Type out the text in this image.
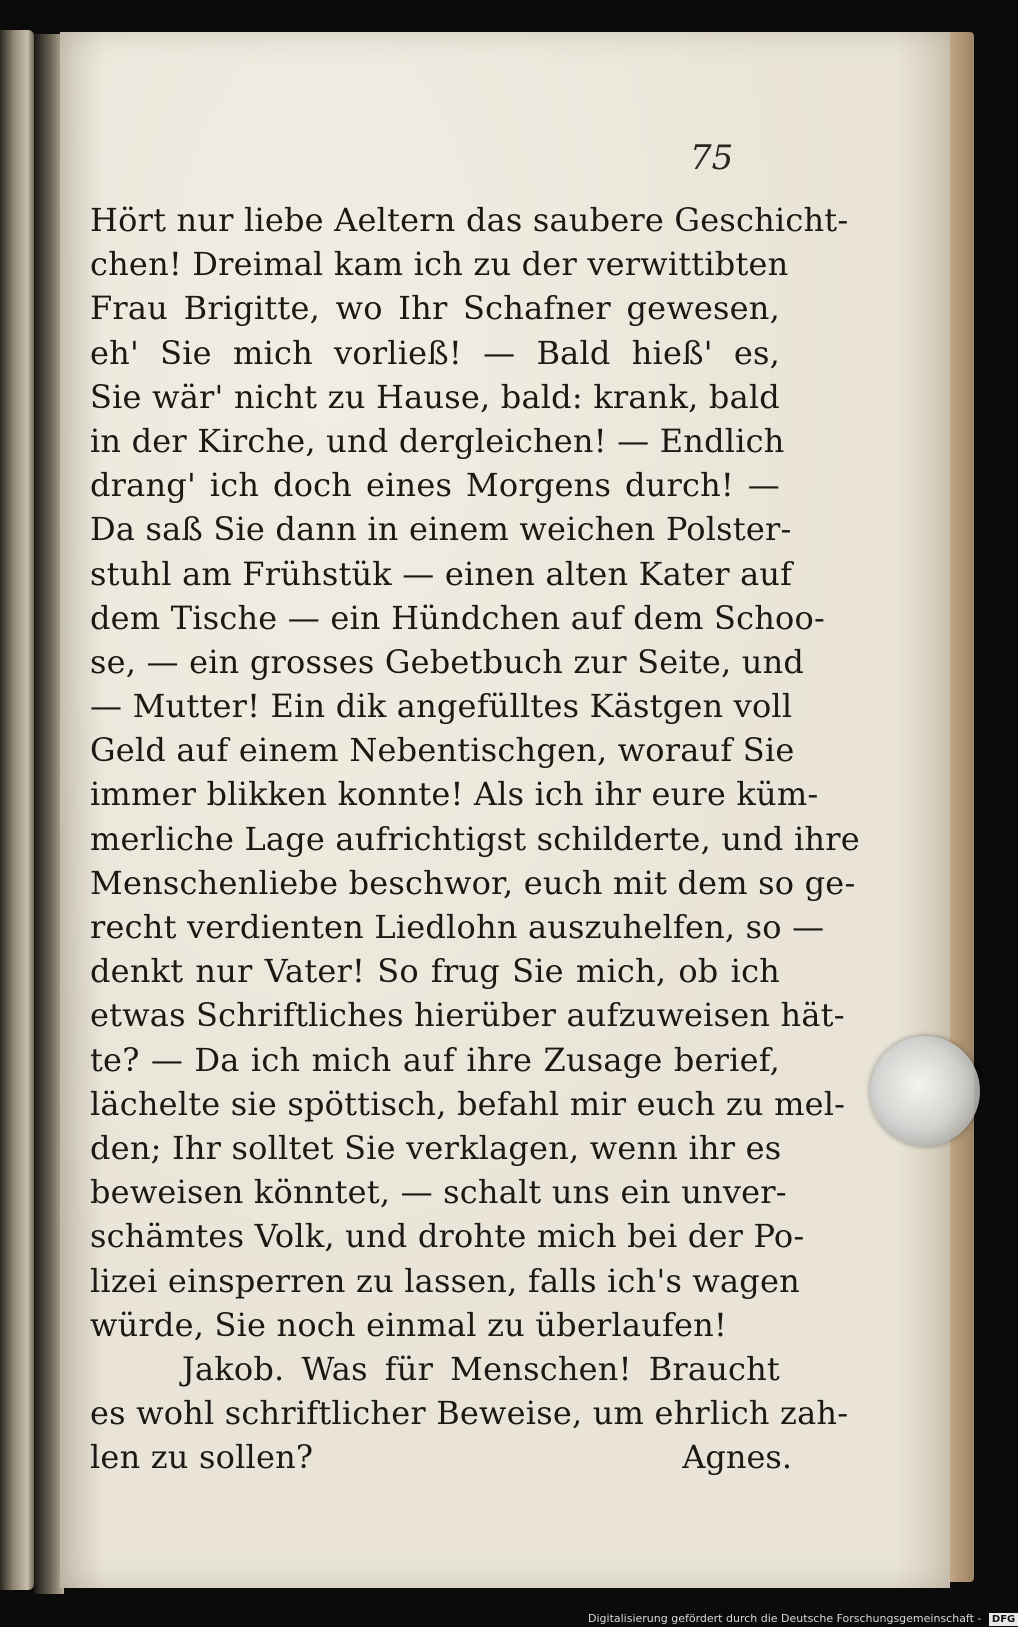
75
Hört nur liebe Aeltern das saubere Geschicht-
chen! Dreimal kam ich zu der verwittibten
Frau Brigitte, wo Ihr Schafner gewesen,
eh' Sie mich vorließ! — Bald hieß' es,
Sie wär' nicht zu Hause, bald: krank, bald
in der Kirche, und dergleichen! — Endlich
drang' ich doch eines Morgens durch! —
Da saß Sie dann in einem weichen Polster-
stuhl am Frühstük — einen alten Kater auf
dem Tische — ein Hündchen auf dem Schoo-
se, — ein grosses Gebetbuch zur Seite, und
— Mutter! Ein dik angefülltes Kästgen voll
Geld auf einem Nebentischgen, worauf Sie
immer blikken konnte! Als ich ihr eure küm-
merliche Lage aufrichtigst schilderte, und ihre
Menschenliebe beschwor, euch mit dem so ge-
recht verdienten Liedlohn auszuhelfen, so —
denkt nur Vater! So frug Sie mich, ob ich
etwas Schriftliches hierüber aufzuweisen hät-
te? — Da ich mich auf ihre Zusage berief,
lächelte sie spöttisch, befahl mir euch zu mel-
den; Ihr solltet Sie verklagen, wenn ihr es
beweisen könntet, — schalt uns ein unver-
schämtes Volk, und drohte mich bei der Po-
lizei einsperren zu lassen, falls ich's wagen
würde, Sie noch einmal zu überlaufen!
Jakob. Was für Menschen! Braucht
es wohl schriftlicher Beweise, um ehrlich zah-
len zu sollen?	Agnes.
Digitalisierung gefördert durch die Deutsche Forschungsgemeinschaft - DFG
